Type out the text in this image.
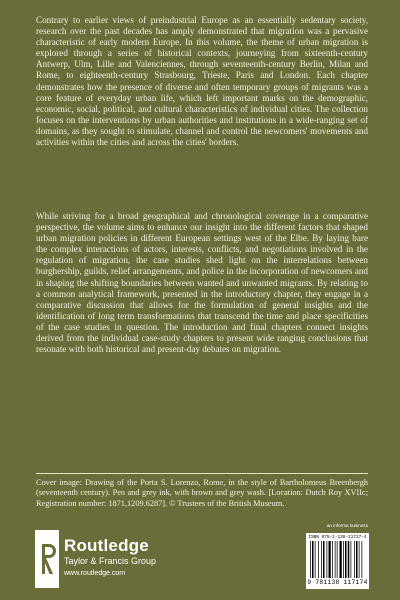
Contrary to earlier views of preindustrial Europe as an essentially sedentary society, research over the past decades has amply demonstrated that migration was a pervasive characteristic of early modern Europe. In this volume, the theme of urban migration is explored through a series of historical contexts, journeying from sixteenth-century Antwerp, Ulm, Lille and Valenciennes, through seventeenth-century Berlin, Milan and Rome, to eighteenth-century Strasbourg, Trieste, Paris and London. Each chapter demonstrates how the presence of diverse and often temporary groups of migrants was a core feature of everyday urban life, which left important marks on the demographic, economic, social, political, and cultural characteristics of individual cities. The collection focuses on the interventions by urban authorities and institutions in a wide-ranging set of domains, as they sought to stimulate, channel and control the newcomers' movements and activities within the cities and across the cities' borders.

While striving for a broad geographical and chronological coverage in a comparative perspective, the volume aims to enhance our insight into the different factors that shaped urban migration policies in different European settings west of the Elbe. By laying bare the complex interactions of actors, interests, conflicts, and negotiations involved in the regulation of migration, the case studies shed light on the interrelations between burghership, guilds, relief arrangements, and police in the incorporation of newcomers and in shaping the shifting boundaries between wanted and unwanted migrants. By relating to a common analytical framework, presented in the introductory chapter, they engage in a comparative discussion that allows for the formulation of general insights and the identification of long term transformations that transcend the time and place specificities of the case studies in question. The introduction and final chapters connect insights derived from the individual case-study chapters to present wide ranging conclusions that resonate with both historical and present-day debates on migration.

Cover image: Drawing of the Porta S. Lorenzo, Rome, in the style of Bartholomeus Breenbergh (seventeenth century). Pen and grey ink, with brown and grey wash. [Location: Dutch Roy XVIIc; Registration number: 1871,1209.6287]. © Trustees of the British Museum.

Routledge
Taylor & Francis Group
www.routledge.com
an informa business
ISBN 978-1-138-11717-4
9 781138 117174
